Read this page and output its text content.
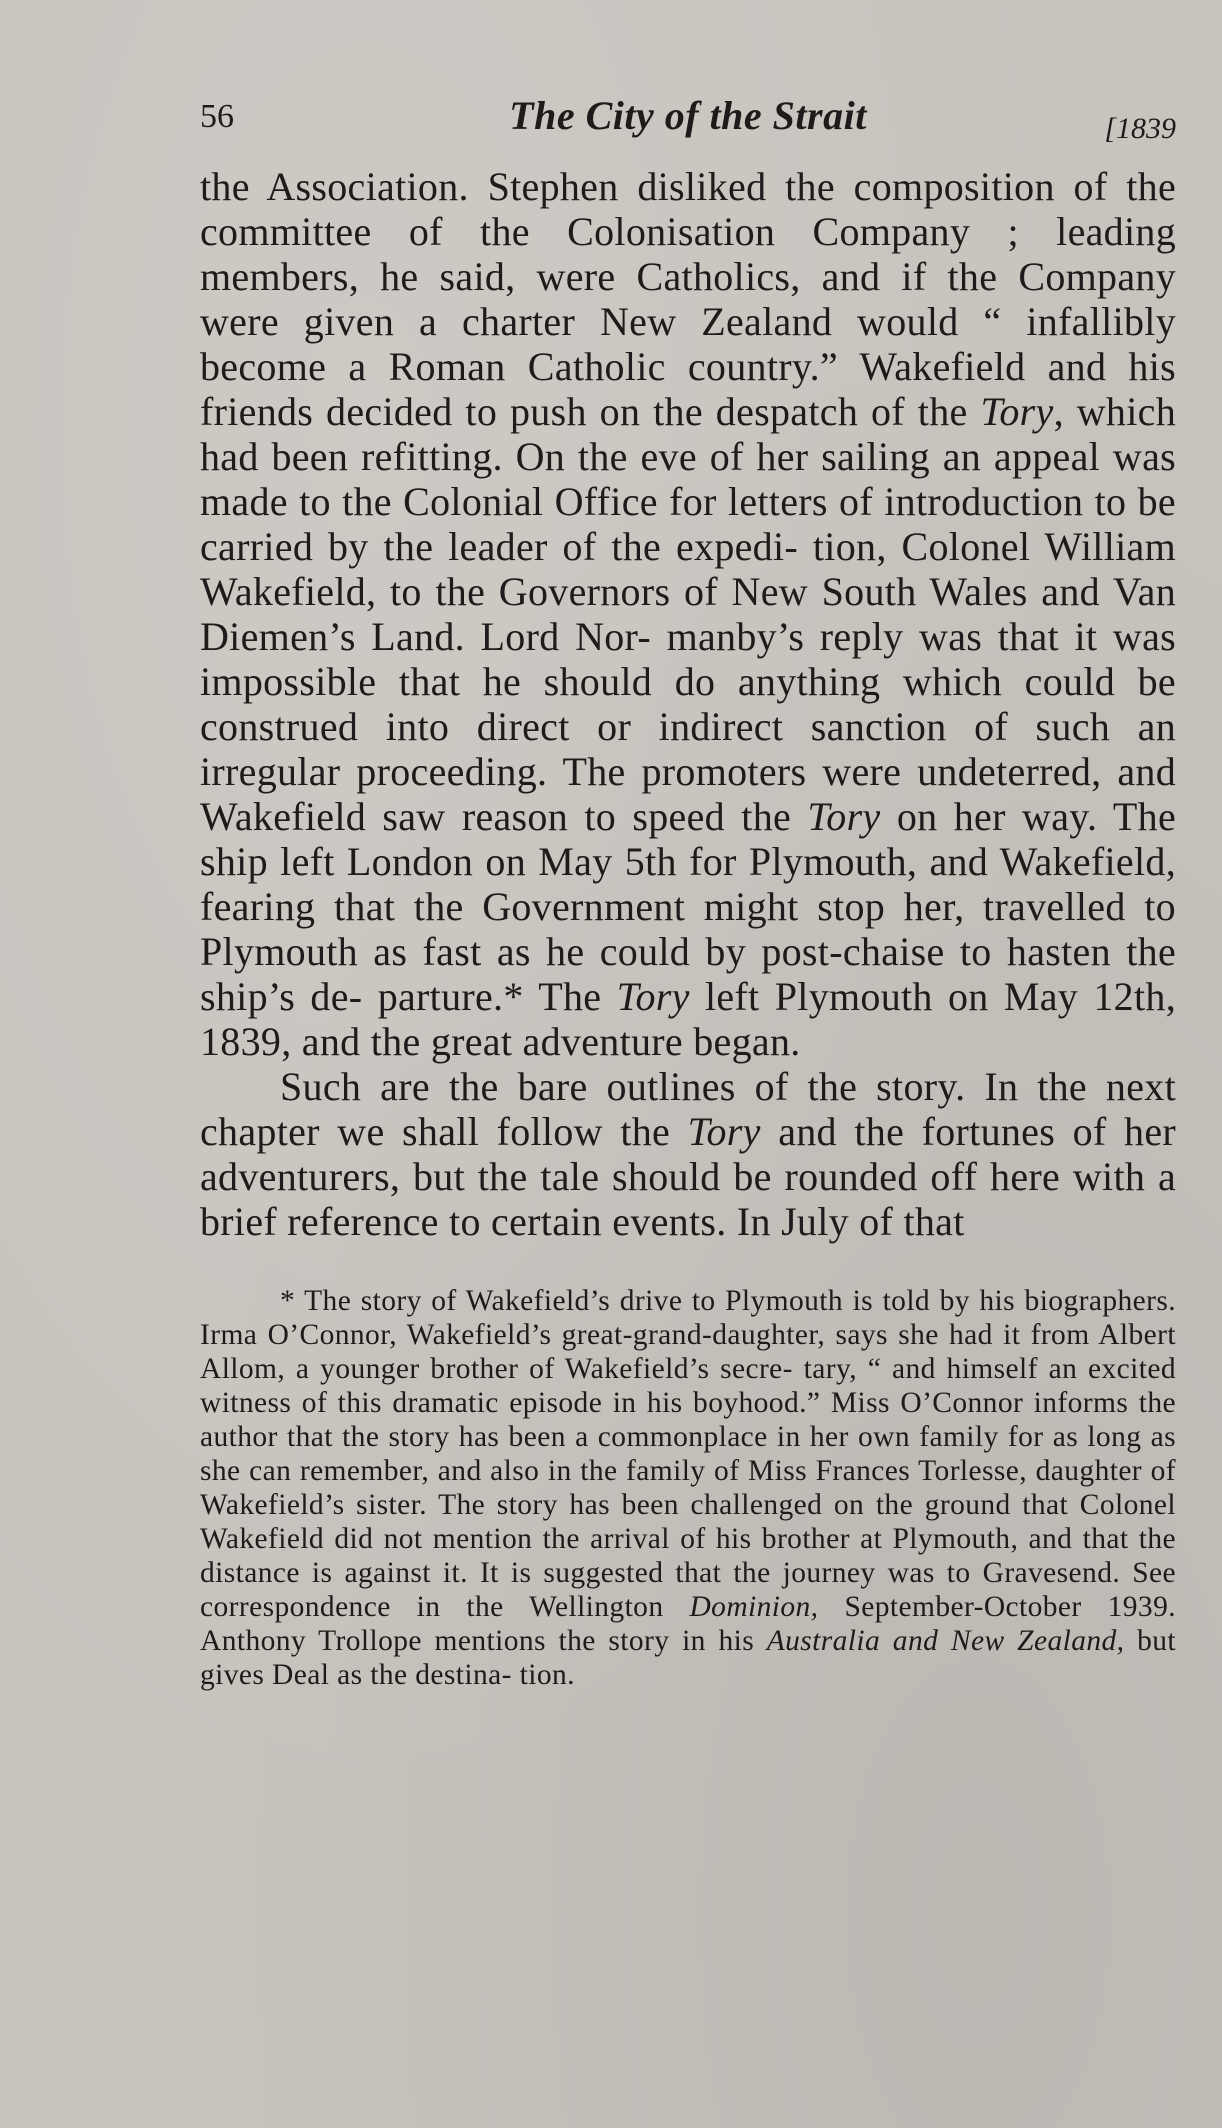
56	The City of the Strait	[1839

the Association. Stephen disliked the composition of the committee of the Colonisation Company ; leading members, he said, were Catholics, and if the Company were given a charter New Zealand would “ infallibly become a Roman Catholic country.” Wakefield and his friends decided to push on the despatch of the Tory, which had been refitting. On the eve of her sailing an appeal was made to the Colonial Office for letters of introduction to be carried by the leader of the expedi- tion, Colonel William Wakefield, to the Governors of New South Wales and Van Diemen’s Land. Lord Nor- manby’s reply was that it was impossible that he should do anything which could be construed into direct or indirect sanction of such an irregular proceeding. The promoters were undeterred, and Wakefield saw reason to speed the Tory on her way. The ship left London on May 5th for Plymouth, and Wakefield, fearing that the Government might stop her, travelled to Plymouth as fast as he could by post-chaise to hasten the ship’s de- parture.* The Tory left Plymouth on May 12th, 1839, and the great adventure began.

Such are the bare outlines of the story. In the next chapter we shall follow the Tory and the fortunes of her adventurers, but the tale should be rounded off here with a brief reference to certain events. In July of that

* The story of Wakefield’s drive to Plymouth is told by his biographers. Irma O’Connor, Wakefield’s great-grand-daughter, says she had it from Albert Allom, a younger brother of Wakefield’s secre- tary, “ and himself an excited witness of this dramatic episode in his boyhood.” Miss O’Connor informs the author that the story has been a commonplace in her own family for as long as she can remember, and also in the family of Miss Frances Torlesse, daughter of Wakefield’s sister. The story has been challenged on the ground that Colonel Wakefield did not mention the arrival of his brother at Plymouth, and that the distance is against it. It is suggested that the journey was to Gravesend. See correspondence in the Wellington Dominion, September-October 1939. Anthony Trollope mentions the story in his Australia and New Zealand, but gives Deal as the destina- tion.
